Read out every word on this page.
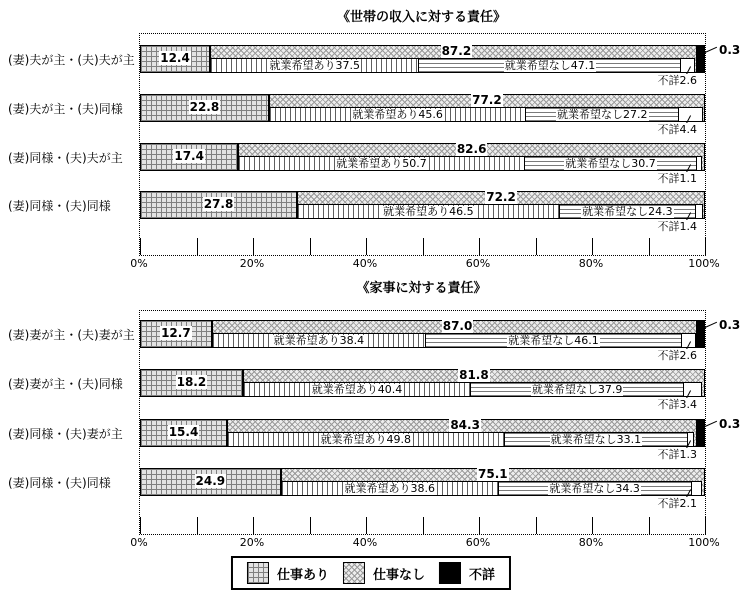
《世帯の収入に対する責任》
12.4	87.2
就業希望あり37.5	就業希望なし47.1
0.3
不詳2.6
22.8	77.2
就業希望あり45.6	就業希望なし27.2
不詳4.4
17.4	82.6
就業希望あり50.7	就業希望なし30.7
不詳1.1
27.8	72.2
就業希望あり46.5	就業希望なし24.3
不詳1.4
0%	20%	40%	60%	80%	100%
《家事に対する責任》
12.7	87.0
就業希望あり38.4	就業希望なし46.1
0.3
不詳2.6
18.2	81.8
就業希望あり40.4	就業希望なし37.9
不詳3.4
15.4	84.3
就業希望あり49.8	就業希望なし33.1
0.3
不詳1.3
24.9	75.1
就業希望あり38.6	就業希望なし34.3
不詳2.1
0%	20%	40%	60%	80%	100%
仕事あり	仕事なし	不詳
(妻)夫が主・(夫)夫が主
(妻)夫が主・(夫)同様
(妻)同様・(夫)夫が主
(妻)同様・(夫)同様
(妻)妻が主・(夫)妻が主
(妻)妻が主・(夫)同様
(妻)同様・(夫)妻が主
(妻)同様・(夫)同様
